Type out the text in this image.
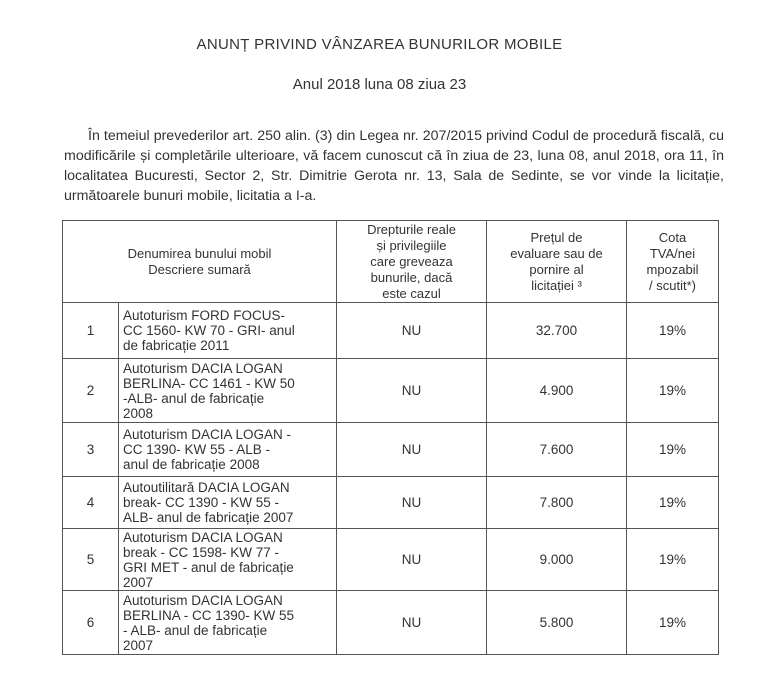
ANUNȚ PRIVIND VÂNZAREA BUNURILOR MOBILE
Anul 2018 luna 08 ziua 23
În temeiul prevederilor art. 250 alin. (3) din Legea nr. 207/2015 privind Codul de procedură fiscală, cu modificările și completările ulterioare, vă facem cunoscut că în ziua de 23, luna 08, anul 2018, ora 11, în localitatea Bucuresti, Sector 2, Str. Dimitrie Gerota nr. 13, Sala de Sedinte, se vor vinde la licitație, următoarele bunuri mobile, licitatia a I-a.
Denumirea bunului mobil
Descriere sumară		Drepturile reale
și privilegiile
care greveaza
bunurile, dacă
este cazul	Prețul de
evaluare sau de
pornire al
licitației ³	Cota
TVA/nei
mpozabil
/ scutit*)
1	Autoturism FORD FOCUS-
CC 1560- KW 70 - GRI- anul
de fabricație 2011	NU	32.700	19%
2	Autoturism DACIA LOGAN
BERLINA- CC 1461 - KW 50
-ALB- anul de fabricație
2008	NU	4.900	19%
3	Autoturism DACIA LOGAN -
CC 1390- KW 55 - ALB -
anul de fabricație 2008	NU	7.600	19%
4	Autoutilitară DACIA LOGAN
break- CC 1390 - KW 55 -
ALB- anul de fabricație 2007	NU	7.800	19%
5	Autoturism DACIA LOGAN
break - CC 1598- KW 77 -
GRI MET - anul de fabricație
2007	NU	9.000	19%
6	Autoturism DACIA LOGAN
BERLINA - CC 1390- KW 55
- ALB- anul de fabricație
2007	NU	5.800	19%
